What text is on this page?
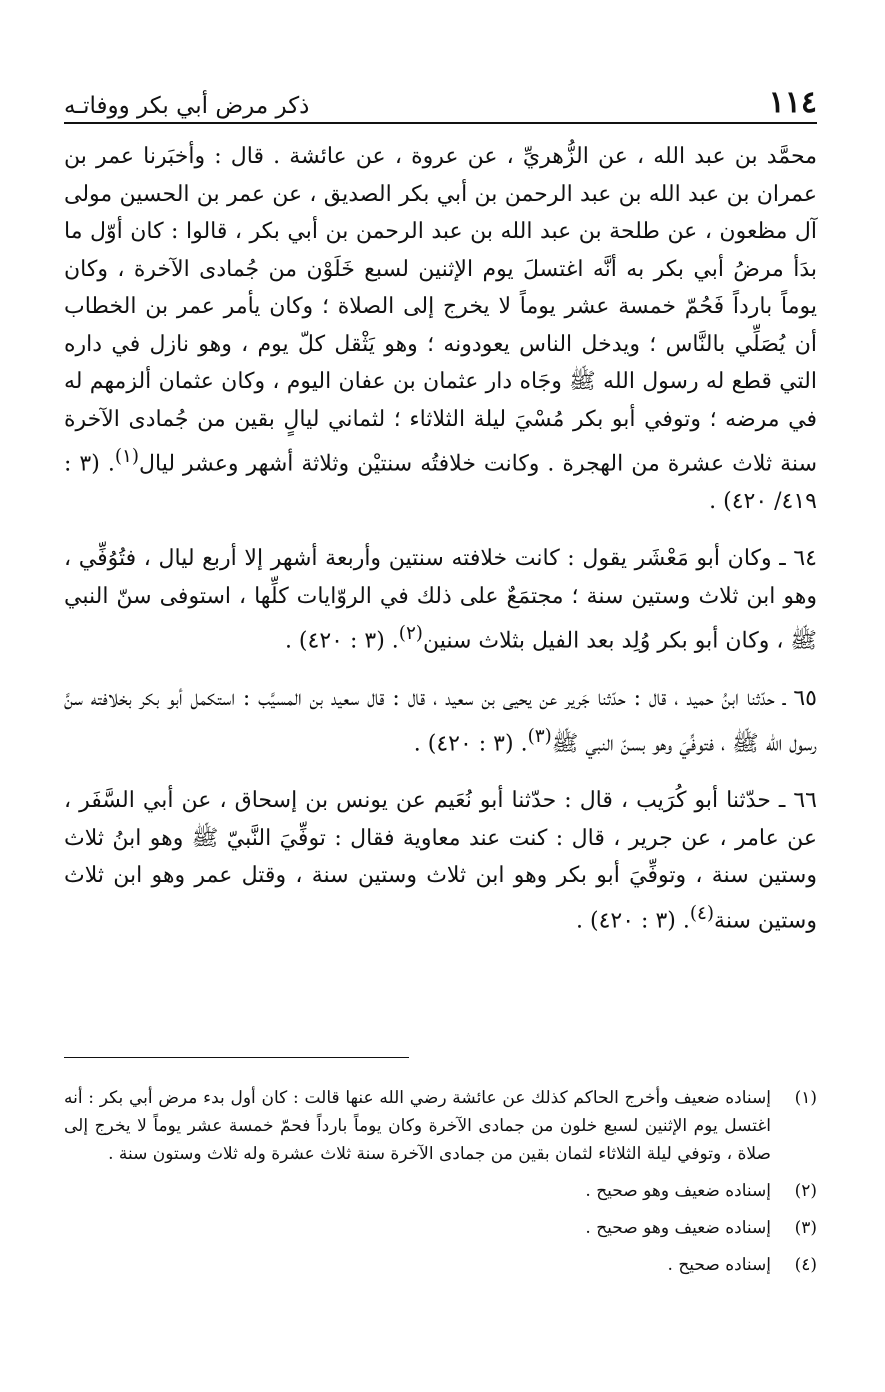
١١٤
ذكر مرض أبي بكر ووفاتـه

محمَّد بن عبد الله ، عن الزُّهريِّ ، عن عروة ، عن عائشة . قال : وأخبَرنا عمر بن عمران بن عبد الله بن عبد الرحمن بن أبي بكر الصديق ، عن عمر بن الحسين مولى آل مظعون ، عن طلحة بن عبد الله بن عبد الرحمن بن أبي بكر ، قالوا : كان أوّل ما بدَأ مرضُ أبي بكر به أنَّه اغتسلَ يوم الإثنين لسبع خَلَوْن من جُمادى الآخرة ، وكان يوماً بارداً فَحُمّ خمسة عشر يوماً لا يخرج إلى الصلاة ؛ وكان يأمر عمر بن الخطاب أن يُصَلِّي بالنَّاس ؛ ويدخل الناس يعودونه ؛ وهو يَثْقل كلّ يوم ، وهو نازل في داره التي قطع له رسول الله ﷺ وجَاه دار عثمان بن عفان اليوم ، وكان عثمان ألزمهم له في مرضه ؛ وتوفي أبو بكر مُسْيَ ليلة الثلاثاء ؛ لثماني ليالٍ بقين من جُمادى الآخرة سنة ثلاث عشرة من الهجرة . وكانت خلافتُه سنتيْن وثلاثة أشهر وعشر ليال$^{(١)}$. (٣ : ٤١٩/ ٤٢٠) .

٦٤ ـ وكان أبو مَعْشَر يقول : كانت خلافته سنتين وأربعة أشهر إلا أربع ليال ، فتُوُفِّي ، وهو ابن ثلاث وستين سنة ؛ مجتمَعٌ على ذلك في الروّايات كلِّها ، استوفى سنّ النبي ﷺ ، وكان أبو بكر وُلِد بعد الفيل بثلاث سنين$^{(٢)}$. (٣ : ٤٢٠) .

٦٥ ـ حدّثنا ابنُ حميد ، قال : حدّثنا جَرير عن يحيى بن سعيد ، قال : قال سعيد بن المسيَّب : استكمل أبو بكر بخلافته سنَّ رسول الله ﷺ ، فتوفِّيَ وهو بسنّ النبي ﷺ$^{(٣)}$. (٣ : ٤٢٠) .

٦٦ ـ حدّثنا أبو كُرَيب ، قال : حدّثنا أبو نُعَيم عن يونس بن إسحاق ، عن أبي السَّفَر ، عن عامر ، عن جرير ، قال : كنت عند معاوية فقال : توفِّيَ النَّبيّ ﷺ وهو ابنُ ثلاث وستين سنة ، وتوفِّيَ أبو بكر وهو ابن ثلاث وستين سنة ، وقتل عمر وهو ابن ثلاث وستين سنة$^{(٤)}$. (٣ : ٤٢٠) .

(١)
إسناده ضعيف وأخرج الحاكم كذلك عن عائشة رضي الله عنها قالت : كان أول بدء مرض أبي بكر : أنه اغتسل يوم الإثنين لسبع خلون من جمادى الآخرة وكان يوماً بارداً فحمّ خمسة عشر يوماً لا يخرج إلى صلاة ، وتوفي ليلة الثلاثاء لثمان بقين من جمادى الآخرة سنة ثلاث عشرة وله ثلاث وستون سنة .
(٢)
إسناده ضعيف وهو صحيح .
(٣)
إسناده ضعيف وهو صحيح .
(٤)
إسناده صحيح .
